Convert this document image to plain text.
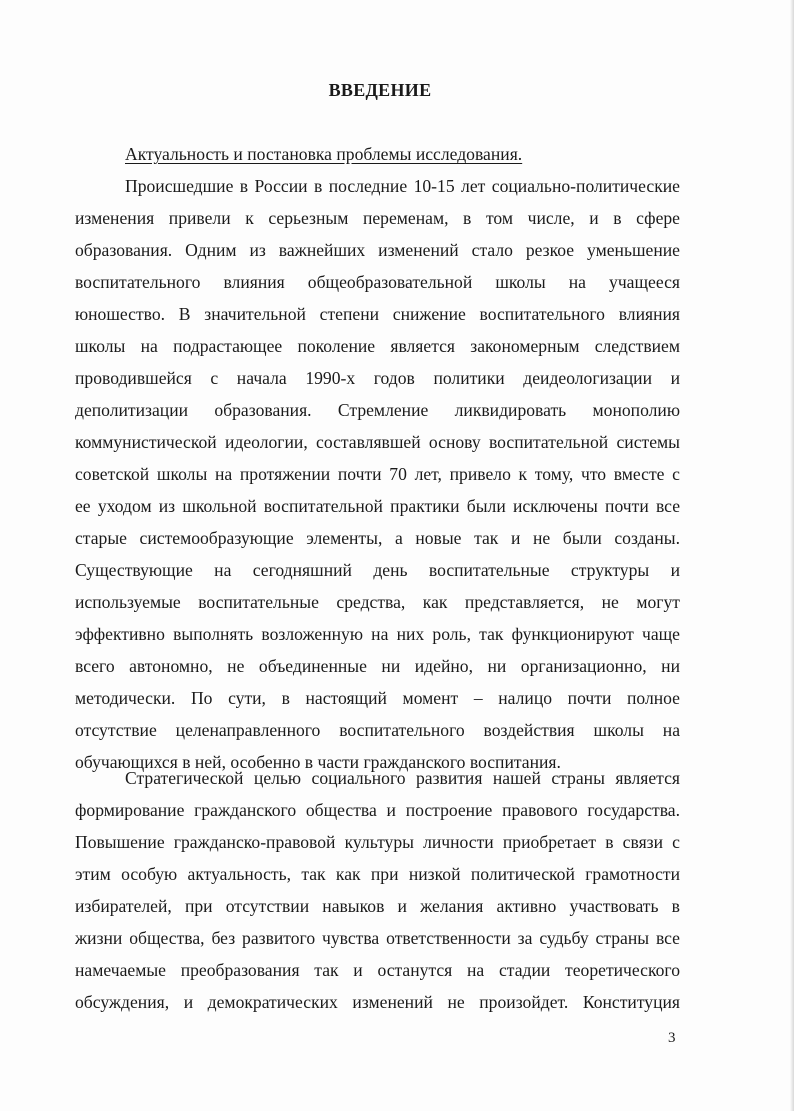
ВВЕДЕНИЕ

Актуальность и постановка проблемы исследования.

Происшедшие в России в последние 10-15 лет социально-политические
изменения привели к серьезным переменам, в том числе, и в сфере
образования. Одним из важнейших изменений стало резкое уменьшение
воспитательного влияния общеобразовательной школы на учащееся
юношество. В значительной степени снижение воспитательного влияния
школы на подрастающее поколение является закономерным следствием
проводившейся с начала 1990-х годов политики деидеологизации и
деполитизации образования. Стремление ликвидировать монополию
коммунистической идеологии, составлявшей основу воспитательной системы
советской школы на протяжении почти 70 лет, привело к тому, что вместе с
ее уходом из школьной воспитательной практики были исключены почти все
старые системообразующие элементы, а новые так и не были созданы.
Существующие на сегодняшний день воспитательные структуры и
используемые воспитательные средства, как представляется, не могут
эффективно выполнять возложенную на них роль, так функционируют чаще
всего автономно, не объединенные ни идейно, ни организационно, ни
методически. По сути, в настоящий момент – налицо почти полное
отсутствие целенаправленного воспитательного воздействия школы на
обучающихся в ней, особенно в части гражданского воспитания.
Стратегической целью социального развития нашей страны является
формирование гражданского общества и построение правового государства.
Повышение гражданско-правовой культуры личности приобретает в связи с
этим особую актуальность, так как при низкой политической грамотности
избирателей, при отсутствии навыков и желания активно участвовать в
жизни общества, без развитого чувства ответственности за судьбу страны все
намечаемые преобразования так и останутся на стадии теоретического
обсуждения, и демократических изменений не произойдет. Конституция
3
